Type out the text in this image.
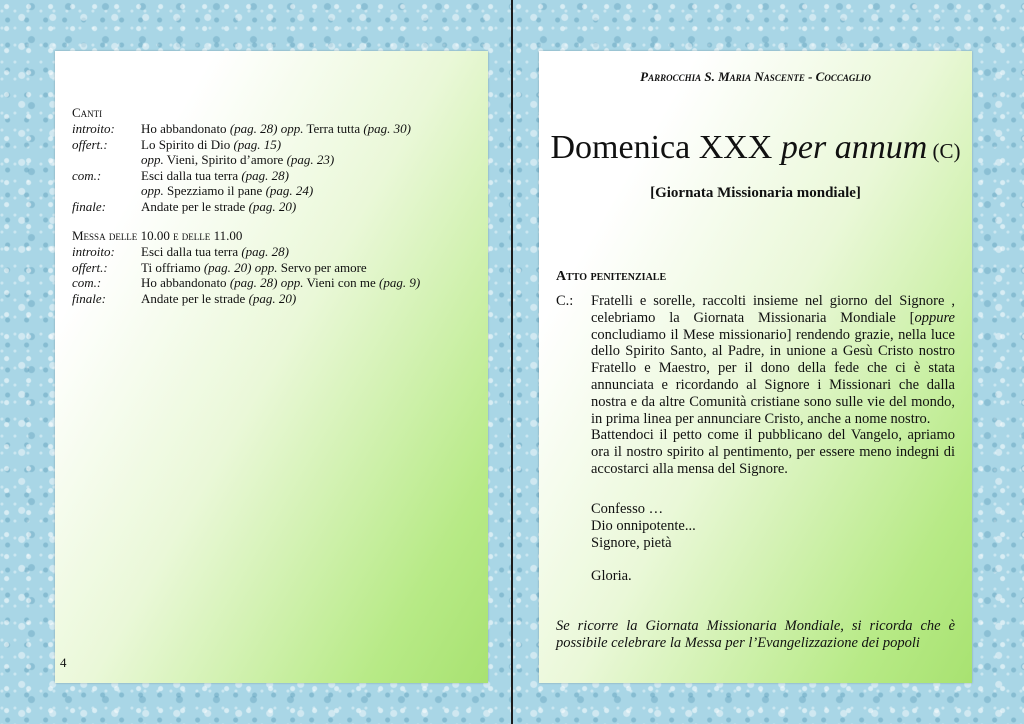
Canti
introito: Ho abbandonato (pag. 28) opp. Terra tutta (pag. 30)
offert.:	Lo Spirito di Dio (pag. 15)
opp. Vieni, Spirito d’amore (pag. 23)
com.:	Esci dalla tua terra (pag. 28)
opp. Spezziamo il pane (pag. 24)
finale:	Andate per le strade (pag. 20)
Messa delle 10.00 e delle 11.00
introito: Esci dalla tua terra (pag. 28)
offert.:	Ti offriamo (pag. 20) opp. Servo per amore
com.:	Ho abbandonato (pag. 28) opp. Vieni con me (pag. 9)
finale:	Andate per le strade (pag. 20)
4
Parrocchia S. Maria Nascente - Coccaglio
Domenica XXX per annum (C)
[Giornata Missionaria mondiale]
Atto penitenziale
C.: Fratelli e sorelle, raccolti insieme nel giorno del Signore , celebriamo la Giornata Missionaria Mondiale [oppure concludiamo il Mese missionario] rendendo grazie, nella luce dello Spirito Santo, al Padre, in unione a Gesù Cristo nostro Fratello e Maestro, per il dono della fede che ci è stata annunciata e ricordando al Signore i Missionari che dalla nostra e da altre Comunità cristiane sono sulle vie del mondo, in prima linea per annunciare Cristo, anche a nome nostro.
Battendoci il petto come il pubblicano del Vangelo, apriamo ora il nostro spirito al pentimento, per essere meno indegni di accostarci alla mensa del Signore.
Confesso …
Dio onnipotente...
Signore, pietà
Gloria.
Se ricorre la Giornata Missionaria Mondiale, si ricorda che è possibile celebrare la Messa per l’Evangelizzazione dei popoli
